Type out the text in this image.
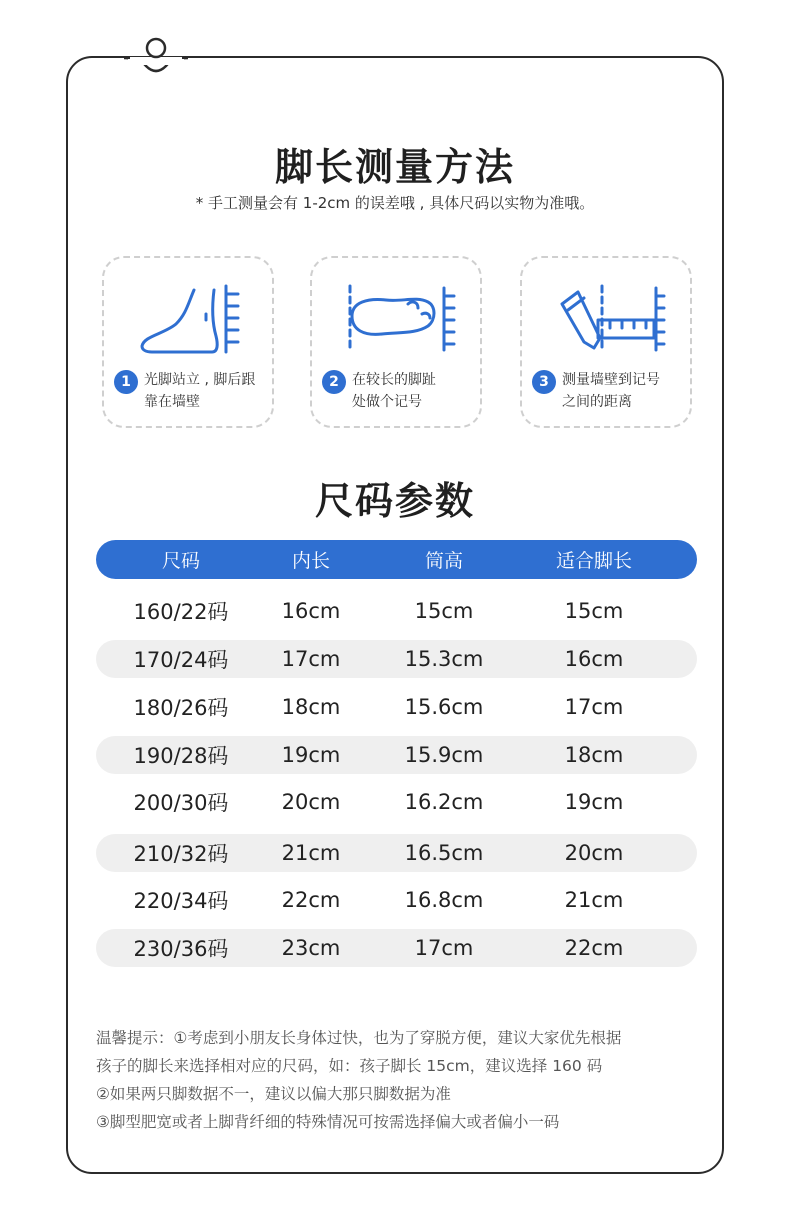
脚长测量方法
* 手工测量会有 1-2cm 的误差哦 , 具体尺码以实物为准哦。
1 光脚站立 , 脚后跟
靠在墙壁
2 在较长的脚趾
处做个记号
3 测量墙壁到记号
之间的距离
尺码参数
尺码	内长	筒高	适合脚长
160/22码	16cm	15cm	15cm
170/24码	17cm	15.3cm	16cm
180/26码	18cm	15.6cm	17cm
190/28码	19cm	15.9cm	18cm
200/30码	20cm	16.2cm	19cm
210/32码	21cm	16.5cm	20cm
220/34码	22cm	16.8cm	21cm
230/36码	23cm	17cm	22cm
温馨提示：①考虑到小朋友长身体过快，也为了穿脱方便，建议大家优先根据
孩子的脚长来选择相对应的尺码，如：孩子脚长 15cm，建议选择 160 码
②如果两只脚数据不一，建议以偏大那只脚数据为准
③脚型肥宽或者上脚背纤细的特殊情况可按需选择偏大或者偏小一码
